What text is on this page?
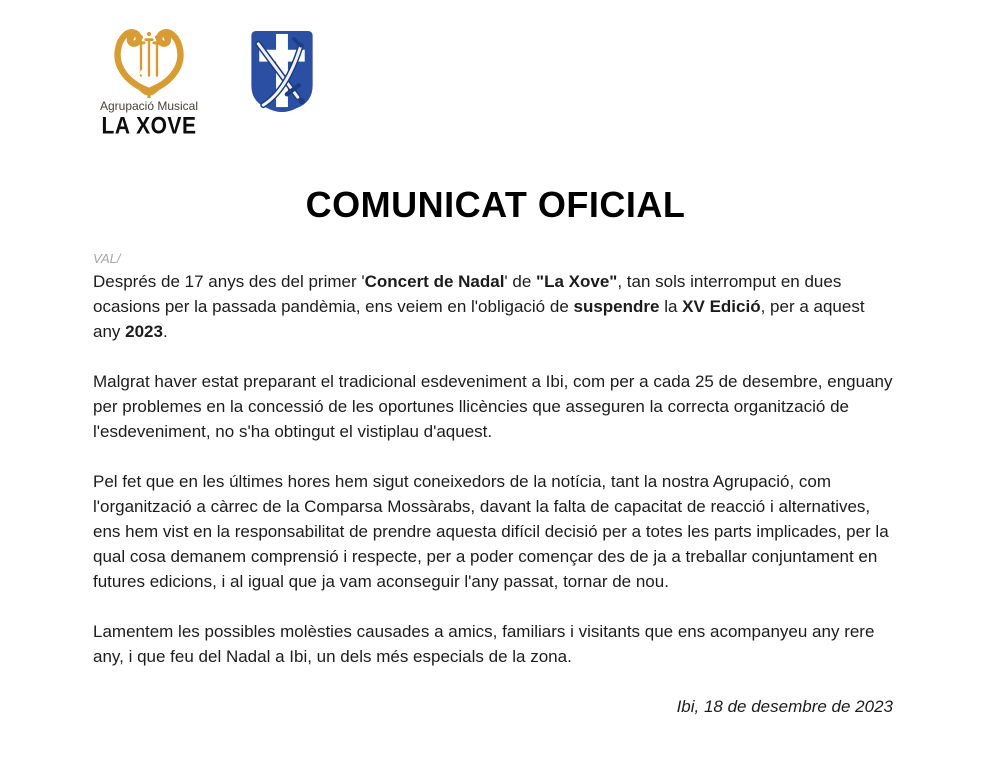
Agrupació Musical
LA XOVE
COMUNICAT OFICIAL
VAL/

Després de 17 anys des del primer 'Concert de Nadal' de "La Xove", tan sols interromput en dues ocasions per la passada pandèmia, ens veiem en l'obligació de suspendre la XV Edició, per a aquest any 2023.

Malgrat haver estat preparant el tradicional esdeveniment a Ibi, com per a cada 25 de desembre, enguany per problemes en la concessió de les oportunes llicències que asseguren la correcta organització de l'esdeveniment, no s'ha obtingut el vistiplau d'aquest.

Pel fet que en les últimes hores hem sigut coneixedors de la notícia, tant la nostra Agrupació, com l'organització a càrrec de la Comparsa Mossàrabs, davant la falta de capacitat de reacció i alternatives, ens hem vist en la responsabilitat de prendre aquesta difícil decisió per a totes les parts implicades, per la qual cosa demanem comprensió i respecte, per a poder començar des de ja a treballar conjuntament en futures edicions, i al igual que ja vam aconseguir l'any passat, tornar de nou.

Lamentem les possibles molèsties causades a amics, familiars i visitants que ens acompanyeu any rere any, i que feu del Nadal a Ibi, un dels més especials de la zona.

Ibi, 18 de desembre de 2023
